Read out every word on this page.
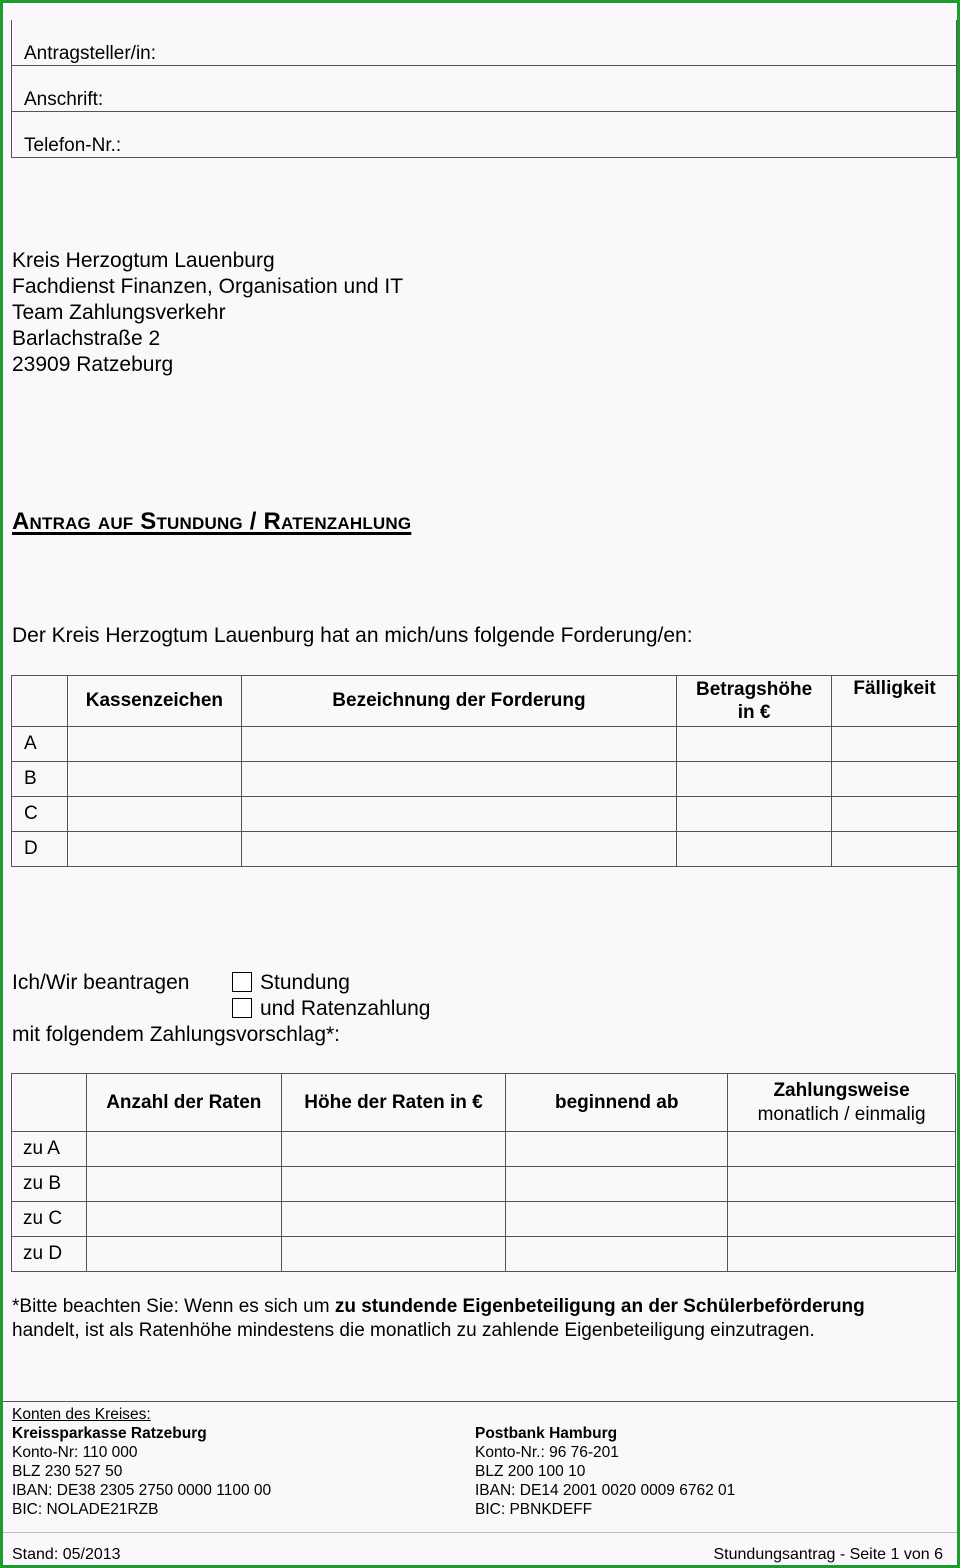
Antragsteller/in:
Anschrift:
Telefon-Nr.:
Kreis Herzogtum Lauenburg
Fachdienst Finanzen, Organisation und IT
Team Zahlungsverkehr
Barlachstraße 2
23909 Ratzeburg
Antrag auf Stundung / Ratenzahlung
Der Kreis Herzogtum Lauenburg hat an mich/uns folgende Forderung/en:
	Kassenzeichen	Bezeichnung der Forderung	Betragshöhe in €	Fälligkeit
A				
B				
C				
D				
Ich/Wir beantragen	Stundung
und Ratenzahlung
mit folgendem Zahlungsvorschlag*:
	Anzahl der Raten	Höhe der Raten in €	beginnend ab	Zahlungsweise
monatlich / einmalig

zu A				
zu B				
zu C				
zu D				
*Bitte beachten Sie: Wenn es sich um zu stundende Eigenbeteiligung an der Schülerbeförderung
handelt, ist als Ratenhöhe mindestens die monatlich zu zahlende Eigenbeteiligung einzutragen.
Konten des Kreises:
Kreissparkasse Ratzeburg
Konto-Nr: 110 000
BLZ 230 527 50
IBAN: DE38 2305 2750 0000 1100 00
BIC: NOLADE21RZB
Postbank Hamburg
Konto-Nr.: 96 76-201
BLZ 200 100 10
IBAN: DE14 2001 0020 0009 6762 01
BIC: PBNKDEFF
Stand: 05/2013	Stundungsantrag - Seite 1 von 6
